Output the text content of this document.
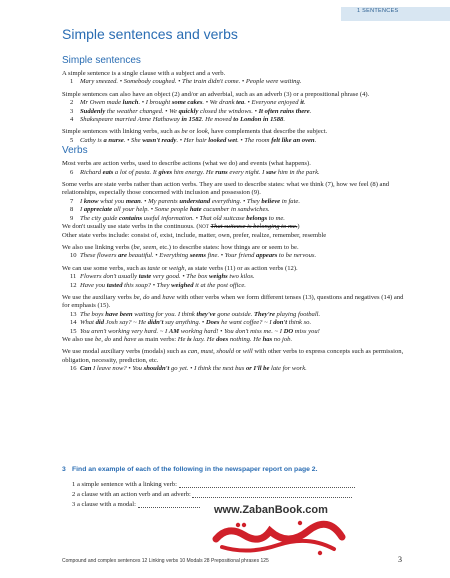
1 SENTENCES
Simple sentences and verbs

Simple sentences

A simple sentence is a single clause with a subject and a verb.

1 Mary sneezed. • Somebody coughed. • The train didn't come. • People were waiting.

Simple sentences can also have an object (2) and/or an adverbial, such as an adverb (3) or a prepositional phrase (4).

2 Mr Owen made lunch. • I brought some cakes. • We drank tea. • Everyone enjoyed it.

3 Suddenly the weather changed. • We quickly closed the windows. • It often rains there.

4 Shakespeare married Anne Hathaway in 1582. He moved to London in 1588.

Simple sentences with linking verbs, such as be or look, have complements that describe the subject.

5 Cathy is a nurse. • She wasn't ready. • Her hair looked wet. • The room felt like an oven.

Verbs

Most verbs are action verbs, used to describe actions (what we do) and events (what happens).

6 Richard eats a lot of pasta. It gives him energy. He runs every night. I saw him in the park.

Some verbs are state verbs rather than action verbs. They are used to describe states: what we think (7), how we feel (8) and relationships, especially those concerned with inclusion and possession (9).

7 I know what you mean. • My parents understand everything. • They believe in fate.

8 I appreciate all your help. • Some people hate cucumber in sandwiches.

9 The city guide contains useful information. • That old suitcase belongs to me.

We don't usually use state verbs in the continuous. (not That suitcase is belonging to me.)

Other state verbs include: consist of, exist, include, matter, own, prefer, realize, remember, resemble

We also use linking verbs (be, seem, etc.) to describe states: how things are or seem to be.

10 These flowers are beautiful. • Everything seems fine. • Your friend appears to be nervous.

We can use some verbs, such as taste or weigh, as state verbs (11) or as action verbs (12).

11 Flowers don't usually taste very good. • The box weighs two kilos.

12 Have you tasted this soup? • They weighed it at the post office.

We use the auxiliary verbs be, do and have with other verbs when we form different tenses (13), questions and negatives (14) and for emphasis (15).

13 The boys have been waiting for you. I think they've gone outside. They're playing football.

14 What did Josh say? ~ He didn't say anything. • Does he want coffee? ~ I don't think so.

15 You aren't working very hard. ~ I AM working hard! • You don't miss me. ~ I DO miss you!

We also use be, do and have as main verbs: He is lazy. He does nothing. He has no job.

We use modal auxiliary verbs (modals) such as can, must, should or will with other verbs to express concepts such as permission, obligation, necessity, prediction, etc.

16 Can I leave now? • You shouldn't go yet. • I think the next bus or I'll be late for work.

3 Find an example of each of the following in the newspaper report on page 2.
1 a simple sentence with a linking verb:
2 a clause with an action verb and an adverb:
3 a clause with a modal:	www.ZabanBook.com
Compound and complex sentences 12 Linking verbs 10 Modals 28 Prepositional phrases 125	3
